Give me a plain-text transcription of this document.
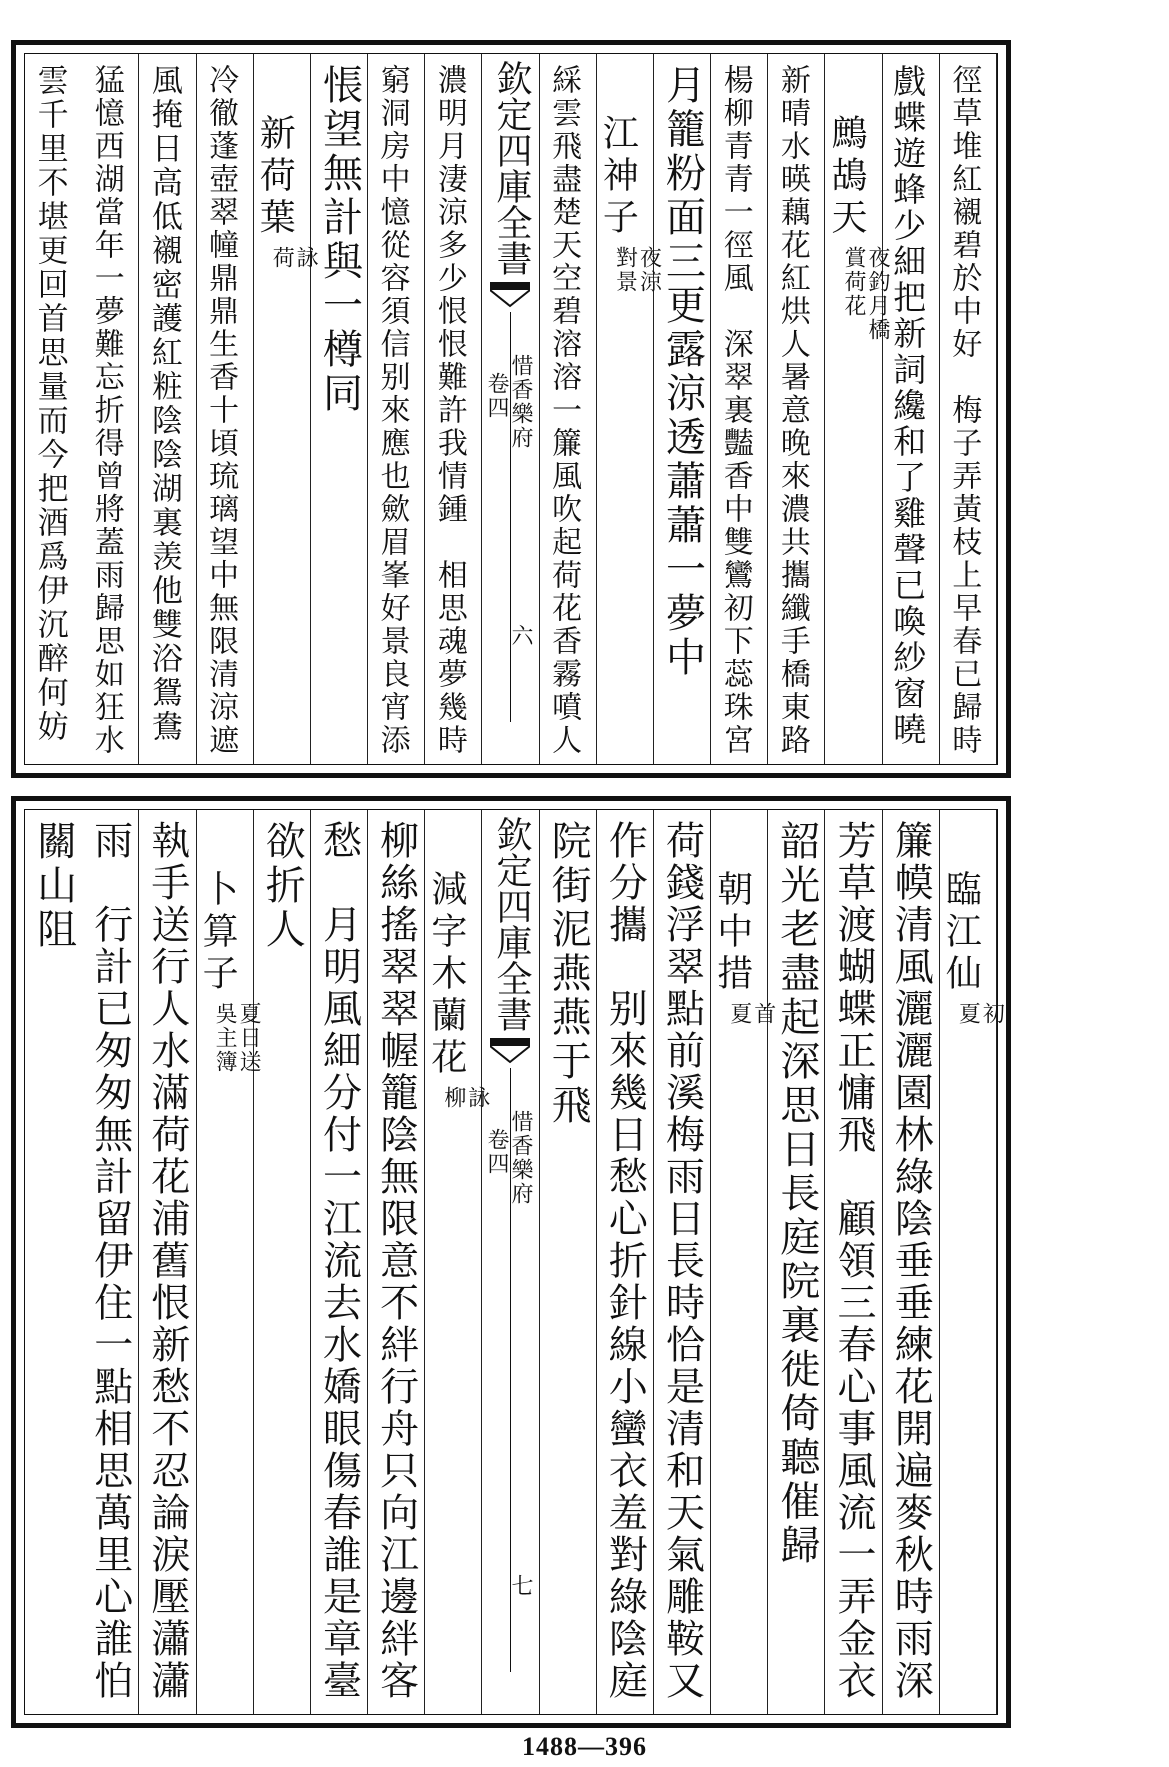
徑草堆紅襯碧於中好　梅子弄黃枝上早春已歸時
戲蝶遊蜂少細把新詞纔和了雞聲已喚紗窗曉
鷓鴣天
夜釣月橋
賞荷花
新晴水暎藕花紅烘人暑意晚來濃共攜纖手橋東路
楊柳青青一徑風　深翠裏豔香中雙鸞初下蕊珠宮
月籠粉面三更露涼透蕭蕭一夢中
江神子
夜涼
對景
綵雲飛盡楚天空碧溶溶一簾風吹起荷花香霧噴人
欽定四庫全書
惜香樂府
卷四
六
濃明月淒涼多少恨恨難許我情鍾　相思魂夢幾時
窮洞房中憶從容須信别來應也歛眉峯好景良宵添
悵望無計與一樽同
新荷葉
詠
荷
冷徹蓬壺翠幢鼎鼎生香十頃琉璃望中無限清涼遮
風掩日高低襯密護紅粧陰陰湖裏羡他雙浴鴛鴦
猛憶西湖當年一夢難忘折得曾將蓋雨歸思如狂水
雲千里不堪更回首思量而今把酒爲伊沉醉何妨
臨江仙
初
夏
簾幙清風灑灑園林綠陰垂垂練花開遍麥秋時雨深
芳草渡蝴蝶正慵飛　顧領三春心事風流一弄金衣
韶光老盡起深思日長庭院裏徙倚聽催歸
朝中措
首
夏
荷錢浮翠點前溪梅雨日長時恰是清和天氣雕鞍又
作分攜　别來幾日愁心折針線小蠻衣羞對綠陰庭
院街泥燕燕于飛
欽定四庫全書
惜香樂府
卷四
七
減字木蘭花
詠
柳
柳絲搖翠翠幄籠陰無限意不絆行舟只向江邊絆客
愁　月明風細分付一江流去水嬌眼傷春誰是章臺
欲折人
卜算子
夏日送
吳主簿
執手送行人水滿荷花浦舊恨新愁不忍論淚壓瀟瀟
雨　行計已匆匆無計留伊住一點相思萬里心誰怕
關山阻
1488—396
